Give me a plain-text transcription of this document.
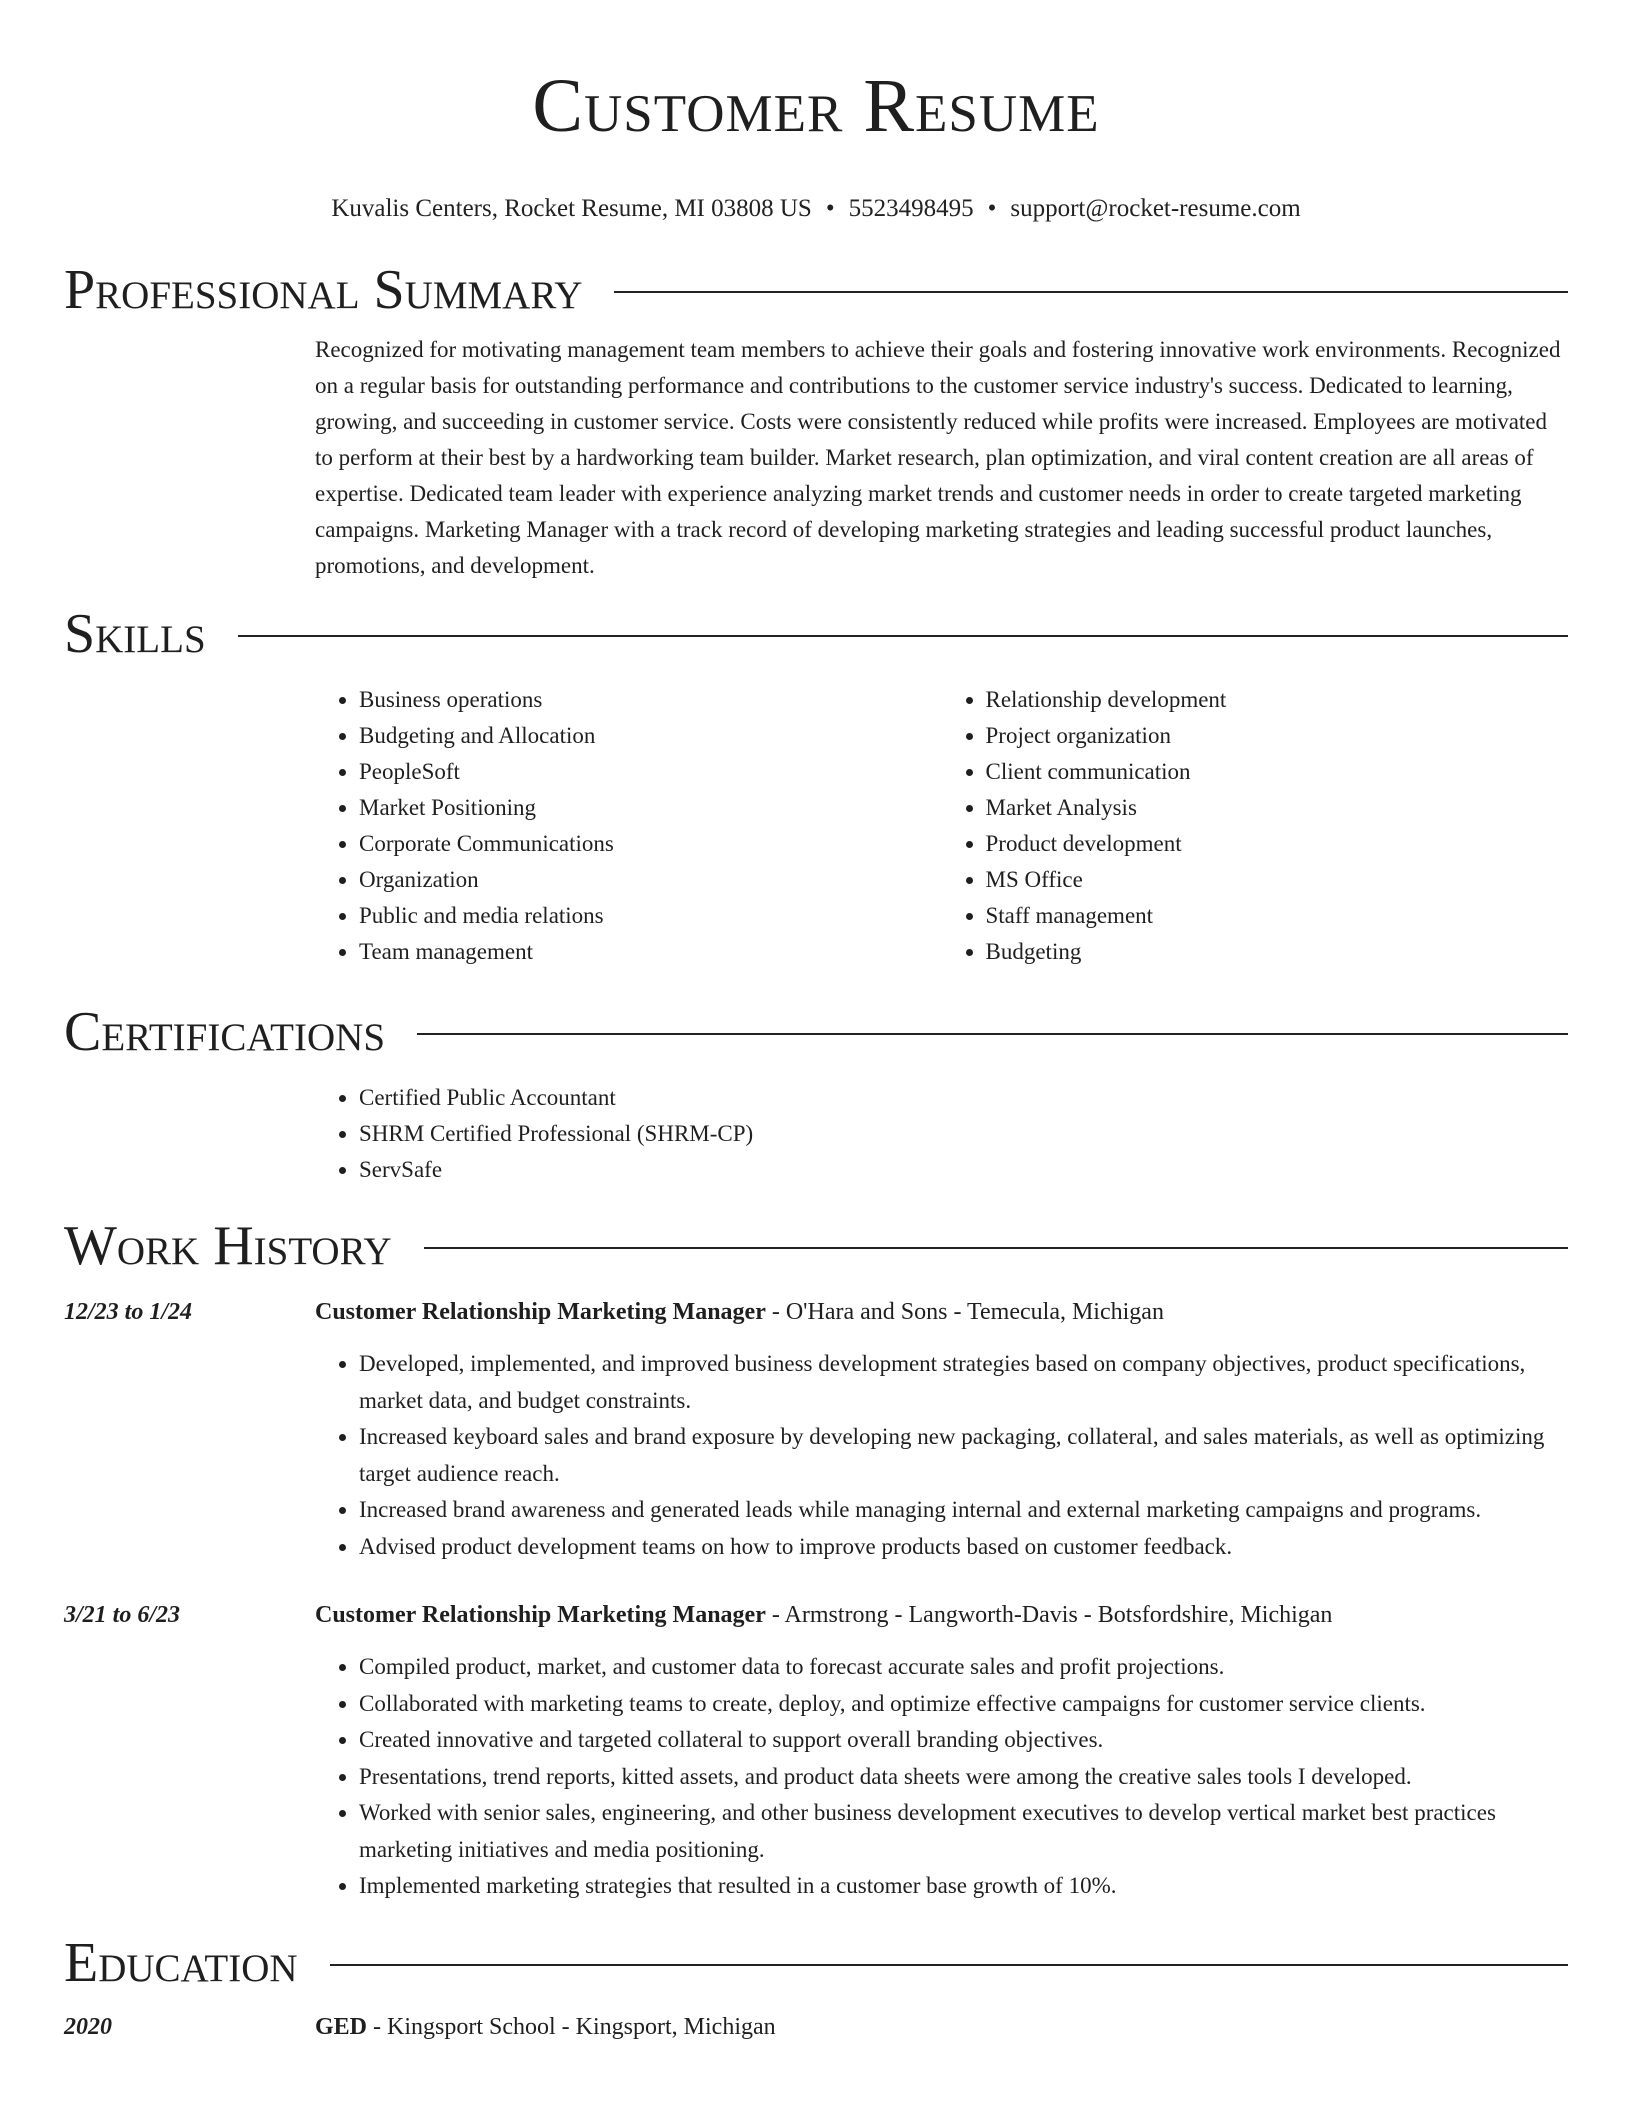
Customer Resume
Kuvalis Centers, Rocket Resume, MI 03808 US • 5523498495 • support@rocket-resume.com
Professional Summary

Recognized for motivating management team members to achieve their goals and fostering innovative work environments. Recognized on a regular basis for outstanding performance and contributions to the customer service industry's success. Dedicated to learning, growing, and succeeding in customer service. Costs were consistently reduced while profits were increased. Employees are motivated to perform at their best by a hardworking team builder. Market research, plan optimization, and viral content creation are all areas of expertise. Dedicated team leader with experience analyzing market trends and customer needs in order to create targeted marketing campaigns. Marketing Manager with a track record of developing marketing strategies and leading successful product launches, promotions, and development.

Skills
• Business operations
• Budgeting and Allocation
• PeopleSoft
• Market Positioning
• Corporate Communications
• Organization
• Public and media relations
• Team management
• Relationship development
• Project organization
• Client communication
• Market Analysis
• Product development
• MS Office
• Staff management
• Budgeting
Certifications
• Certified Public Accountant
• SHRM Certified Professional (SHRM-CP)
• ServSafe
Work History
12/23 to 1/24	Customer Relationship Marketing Manager - O'Hara and Sons - Temecula, Michigan
• Developed, implemented, and improved business development strategies based on company objectives, product specifications, market data, and budget constraints.
• Increased keyboard sales and brand exposure by developing new packaging, collateral, and sales materials, as well as optimizing target audience reach.
• Increased brand awareness and generated leads while managing internal and external marketing campaigns and programs.
• Advised product development teams on how to improve products based on customer feedback.
3/21 to 6/23	Customer Relationship Marketing Manager - Armstrong - Langworth-Davis - Botsfordshire, Michigan
• Compiled product, market, and customer data to forecast accurate sales and profit projections.
• Collaborated with marketing teams to create, deploy, and optimize effective campaigns for customer service clients.
• Created innovative and targeted collateral to support overall branding objectives.
• Presentations, trend reports, kitted assets, and product data sheets were among the creative sales tools I developed.
• Worked with senior sales, engineering, and other business development executives to develop vertical market best practices marketing initiatives and media positioning.
• Implemented marketing strategies that resulted in a customer base growth of 10%.
Education
2020	GED - Kingsport School - Kingsport, Michigan
